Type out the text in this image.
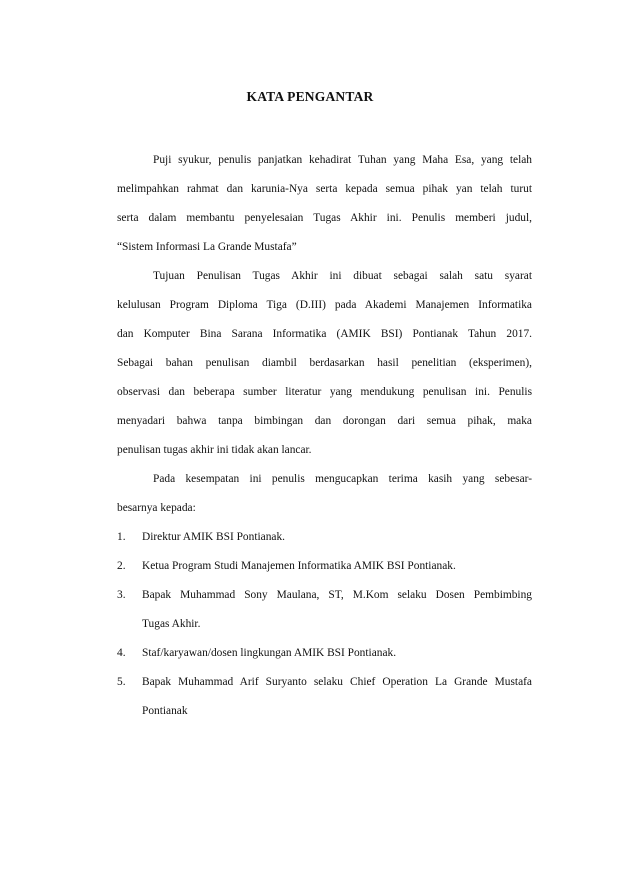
KATA PENGANTAR
Puji syukur, penulis panjatkan kehadirat Tuhan yang Maha Esa, yang telah
melimpahkan rahmat dan karunia-Nya serta kepada semua pihak yan telah turut
serta dalam membantu penyelesaian Tugas Akhir ini. Penulis memberi judul,
“Sistem Informasi La Grande Mustafa”
Tujuan Penulisan Tugas Akhir ini dibuat sebagai salah satu syarat
kelulusan Program Diploma Tiga (D.III) pada Akademi Manajemen Informatika
dan Komputer Bina Sarana Informatika (AMIK BSI) Pontianak Tahun 2017.
Sebagai bahan penulisan diambil berdasarkan hasil penelitian (eksperimen),
observasi dan beberapa sumber literatur yang mendukung penulisan ini. Penulis
menyadari bahwa tanpa bimbingan dan dorongan dari semua pihak, maka
penulisan tugas akhir ini tidak akan lancar.
Pada kesempatan ini penulis mengucapkan terima kasih yang sebesar-
besarnya kepada:
1. Direktur AMIK BSI Pontianak.
2. Ketua Program Studi Manajemen Informatika AMIK BSI Pontianak.
3. Bapak Muhammad Sony Maulana, ST, M.Kom selaku Dosen Pembimbing
Tugas Akhir.
4. Staf/karyawan/dosen lingkungan AMIK BSI Pontianak.
5. Bapak Muhammad Arif Suryanto selaku Chief Operation La Grande Mustafa
Pontianak
